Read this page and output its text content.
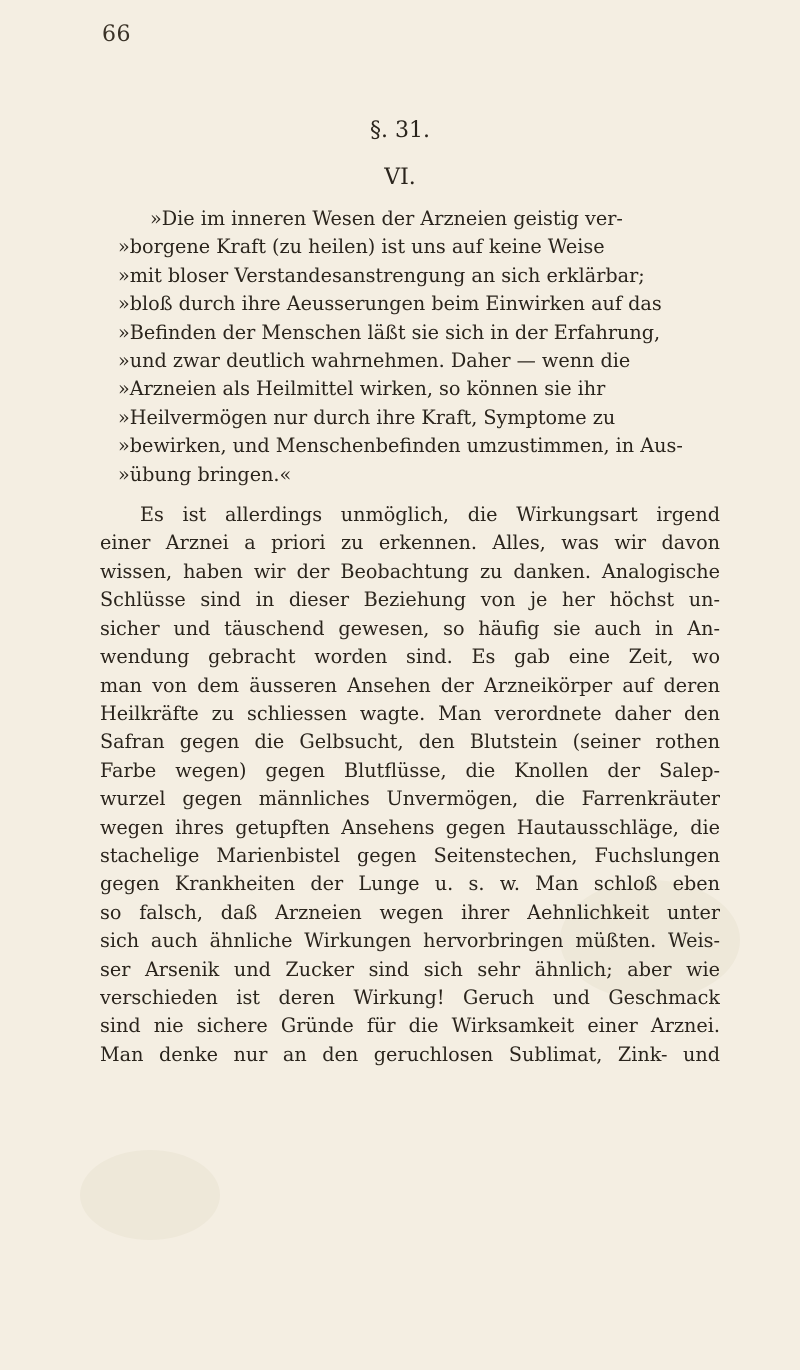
66
§. 31.
VI.
»Die im inneren Wesen der Arzneien geistig ver-
»borgene Kraft (zu heilen) ist uns auf keine Weise
»mit bloser Verstandesanstrengung an sich erklärbar;
»bloß durch ihre Aeusserungen beim Einwirken auf das
»Befinden der Menschen läßt sie sich in der Erfahrung,
»und zwar deutlich wahrnehmen. Daher — wenn die
»Arzneien als Heilmittel wirken, so können sie ihr
»Heilvermögen nur durch ihre Kraft, Symptome zu
»bewirken, und Menschenbefinden umzustimmen, in Aus-
»übung bringen.«
Es ist allerdings unmöglich, die Wirkungsart irgend
einer Arznei a priori zu erkennen. Alles, was wir davon
wissen, haben wir der Beobachtung zu danken. Analogische
Schlüsse sind in dieser Beziehung von je her höchst un-
sicher und täuschend gewesen, so häufig sie auch in An-
wendung gebracht worden sind. Es gab eine Zeit, wo
man von dem äusseren Ansehen der Arzneikörper auf deren
Heilkräfte zu schliessen wagte. Man verordnete daher den
Safran gegen die Gelbsucht, den Blutstein (seiner rothen
Farbe wegen) gegen Blutflüsse, die Knollen der Salep-
wurzel gegen männliches Unvermögen, die Farrenkräuter
wegen ihres getupften Ansehens gegen Hautausschläge, die
stachelige Marienbistel gegen Seitenstechen, Fuchslungen
gegen Krankheiten der Lunge u. s. w. Man schloß eben
so falsch, daß Arzneien wegen ihrer Aehnlichkeit unter
sich auch ähnliche Wirkungen hervorbringen müßten. Weis-
ser Arsenik und Zucker sind sich sehr ähnlich; aber wie
verschieden ist deren Wirkung! Geruch und Geschmack
sind nie sichere Gründe für die Wirksamkeit einer Arznei.
Man denke nur an den geruchlosen Sublimat, Zink- und
